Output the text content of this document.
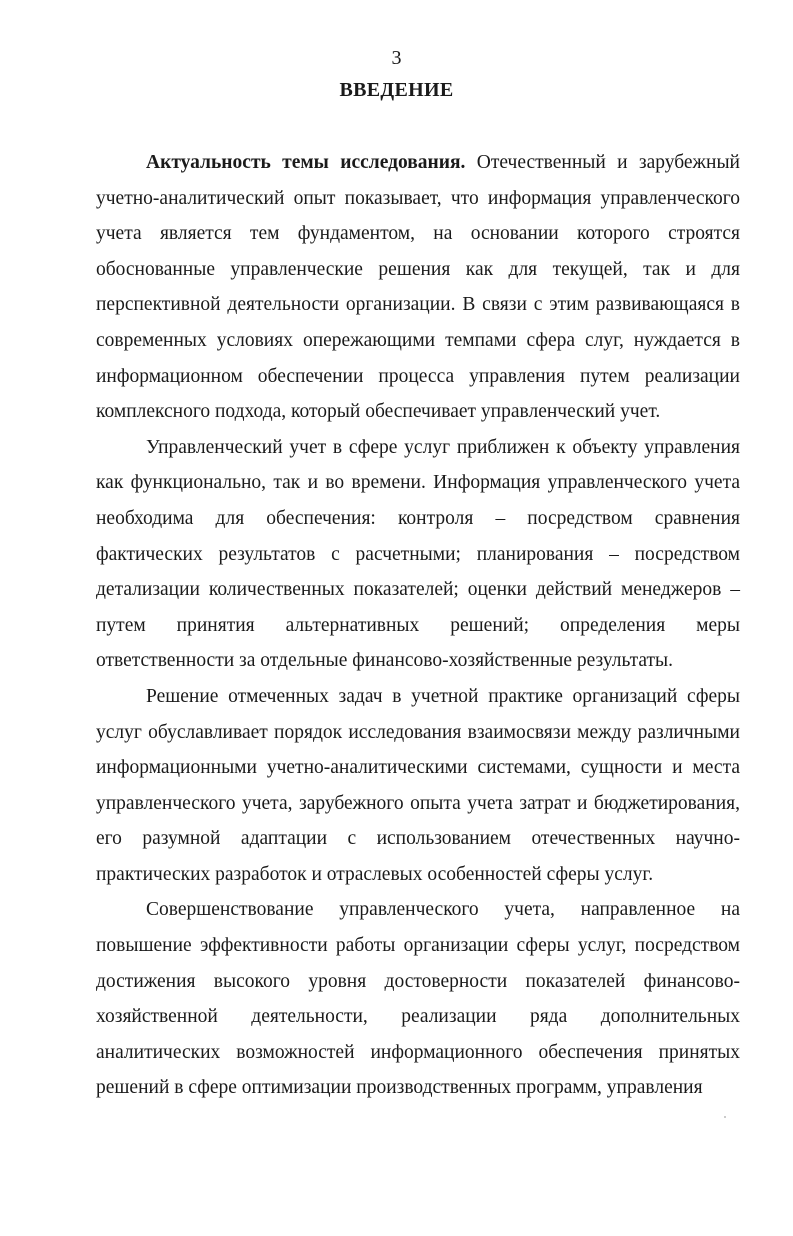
3
ВВЕДЕНИЕ

Актуальность темы исследования. Отечественный и зарубежный учетно-аналитический опыт показывает, что информация управленческого учета является тем фундаментом, на основании которого строятся обоснованные управленческие решения как для текущей, так и для перспективной деятельности организации. В связи с этим развивающаяся в современных условиях опережающими темпами сфера слуг, нуждается в информационном обеспечении процесса управления путем реализации комплексного подхода, который обеспечивает управленческий учет.

Управленческий учет в сфере услуг приближен к объекту управления как функционально, так и во времени. Информация управленческого учета необходима для обеспечения: контроля – посредством сравнения фактических результатов с расчетными; планирования – посредством детализации количественных показателей; оценки действий менеджеров – путем принятия альтернативных решений; определения меры ответственности за отдельные финансово-хозяйственные результаты.

Решение отмеченных задач в учетной практике организаций сферы услуг обуславливает порядок исследования взаимосвязи между различными информационными учетно-аналитическими системами, сущности и места управленческого учета, зарубежного опыта учета затрат и бюджетирования, его разумной адаптации с использованием отечественных научно-практических разработок и отраслевых особенностей сферы услуг.

Совершенствование управленческого учета, направленное на повышение эффективности работы организации сферы услуг, посредством достижения высокого уровня достоверности показателей финансово-хозяйственной деятельности, реализации ряда дополнительных аналитических возможностей информационного обеспечения принятых решений в сфере оптимизации производственных программ, управления
